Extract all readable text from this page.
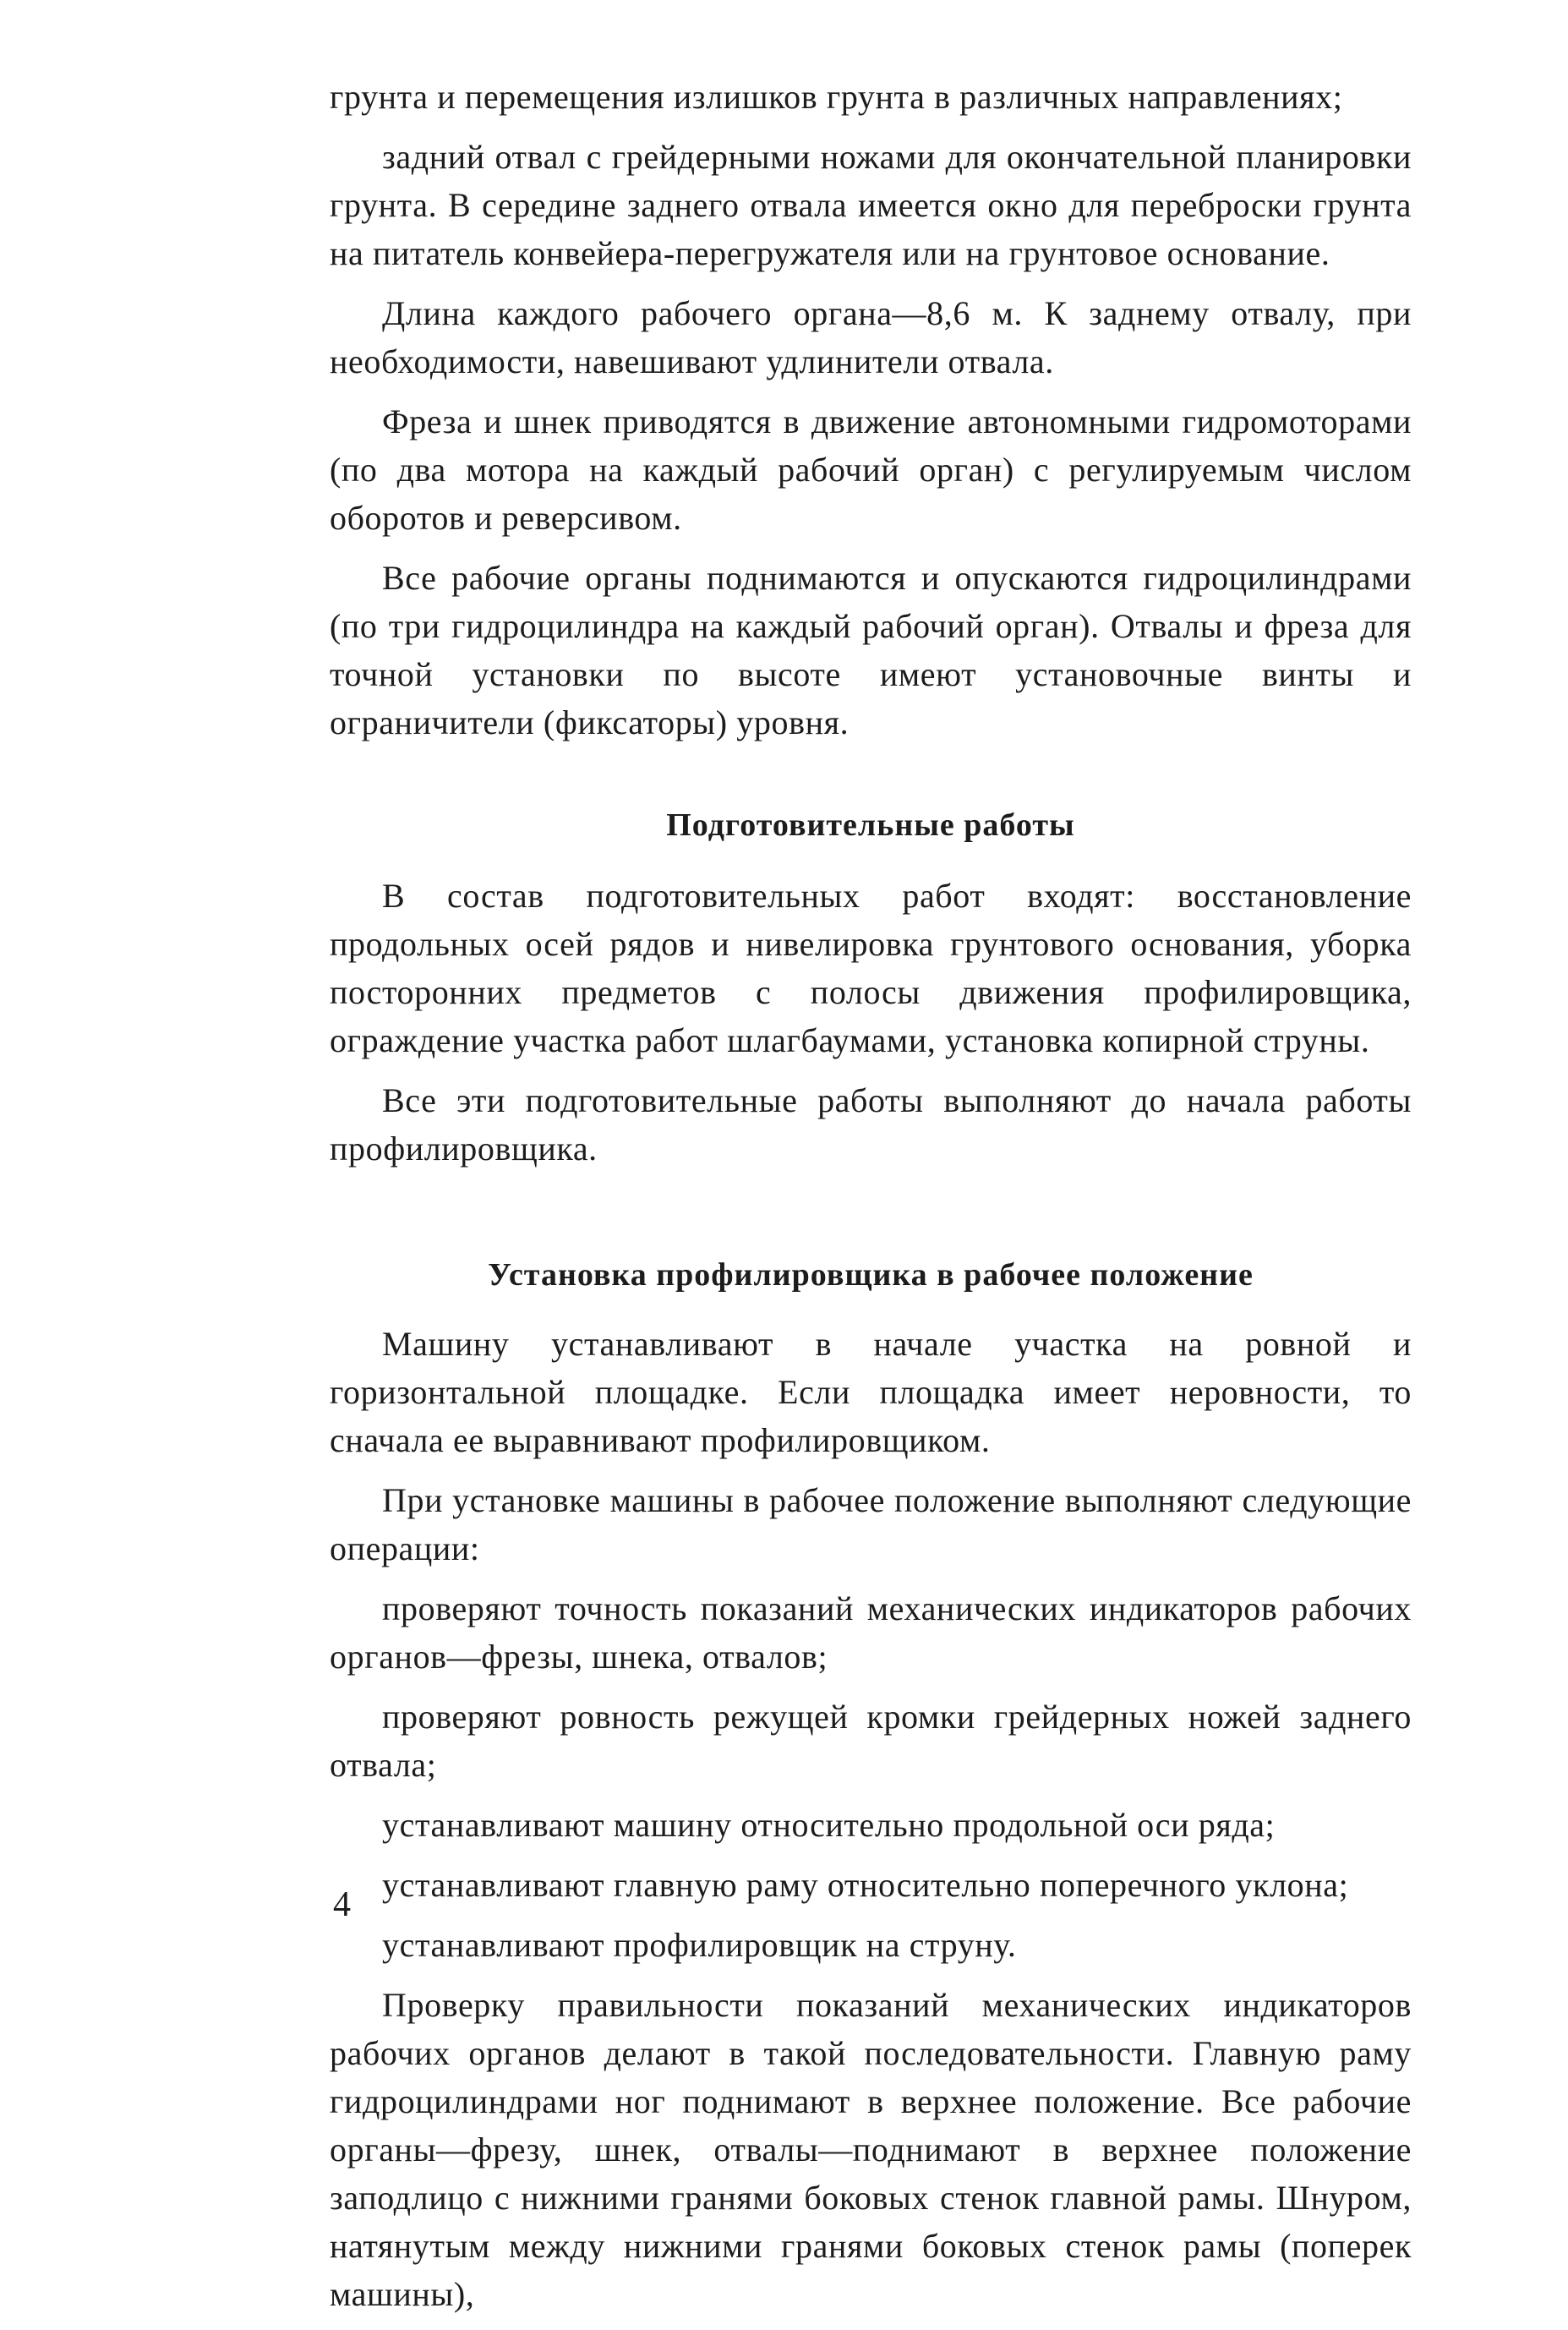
грунта и перемещения излишков грунта в различных направлениях;

задний отвал с грейдерными ножами для окончательной планировки грунта. В середине заднего отвала имеется окно для переброски грунта на питатель конвейера-перегружателя или на грунтовое основание.

Длина каждого рабочего органа—8,6 м. К заднему отвалу, при необходимости, навешивают удлинители отвала.

Фреза и шнек приводятся в движение автономными гидромоторами (по два мотора на каждый рабочий орган) с регулируемым числом оборотов и реверсивом.

Все рабочие органы поднимаются и опускаются гидроцилиндрами (по три гидроцилиндра на каждый рабочий орган). Отвалы и фреза для точной установки по высоте имеют установочные винты и ограничители (фиксаторы) уровня.

Подготовительные работы

В состав подготовительных работ входят: восстановление продольных осей рядов и нивелировка грунтового основания, уборка посторонних предметов с полосы движения профилировщика, ограждение участка работ шлагбаумами, установка копирной струны.

Все эти подготовительные работы выполняют до начала работы профилировщика.

Установка профилировщика в рабочее положение

Машину устанавливают в начале участка на ровной и горизонтальной площадке. Если площадка имеет неровности, то сначала ее выравнивают профилировщиком.

При установке машины в рабочее положение выполняют следующие операции:

проверяют точность показаний механических индикаторов рабочих органов—фрезы, шнека, отвалов;

проверяют ровность режущей кромки грейдерных ножей заднего отвала;

устанавливают машину относительно продольной оси ряда;

устанавливают главную раму относительно поперечного уклона;

устанавливают профилировщик на струну.

Проверку правильности показаний механических индикаторов рабочих органов делают в такой последовательности. Главную раму гидроцилиндрами ног поднимают в верхнее положение. Все рабочие органы—фрезу, шнек, отвалы—поднимают в верхнее положение заподлицо с нижними гранями боковых стенок главной рамы. Шнуром, натянутым между нижними гранями боковых стенок рамы (поперек машины),

4
